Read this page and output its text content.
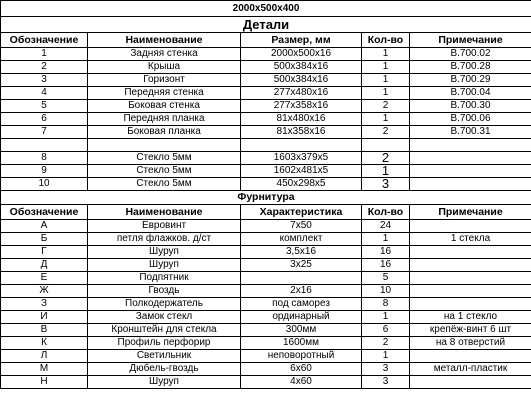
2000x500x400				
Детали				
Обозначение	Наименование	Размер, мм	Кол-во	Примечание
1	Задняя стенка	2000x500x16	1	В.700.02
2	Крыша	500x384x16	1	В.700.28
3	Горизонт	500x384x16	1	В.700.29
4	Передняя стенка	277x480x16	1	В.700.04
5	Боковая стенка	277x358x16	2	В.700.30
6	Передняя планка	81x480x16	1	В.700.06
7	Боковая планка	81x358x16	2	В.700.31

8	Стекло 5мм	1603x379x5	2	
9	Стекло 5мм	1602x481x5	1	
10	Стекло 5мм	450x298x5	3	
Фурнитура				
Обозначение	Наименование	Характеристика	Кол-во	Примечание
А	Евровинт	7x50	24	
Б	петля флажков. д/ст	комплект	1	1 стекла
Г	Шуруп	3,5x16	16	
Д	Шуруп	3x25	16	
Е	Подпятник		5	
Ж	Гвоздь	2x16	10	
З	Полкодержатель	под саморез	8	
И	Замок стекл	ординарный	1	на 1 стекло
В	Кронштейн для стекла	300мм	6	крепёж-винт 6 шт
К	Профиль перфорир	1600мм	2	на 8 отверстий
Л	Светильник	неповоротный	1	
М	Дюбель-гвоздь	6x60	3	металл-пластик
Н	Шуруп	4x60	3	
